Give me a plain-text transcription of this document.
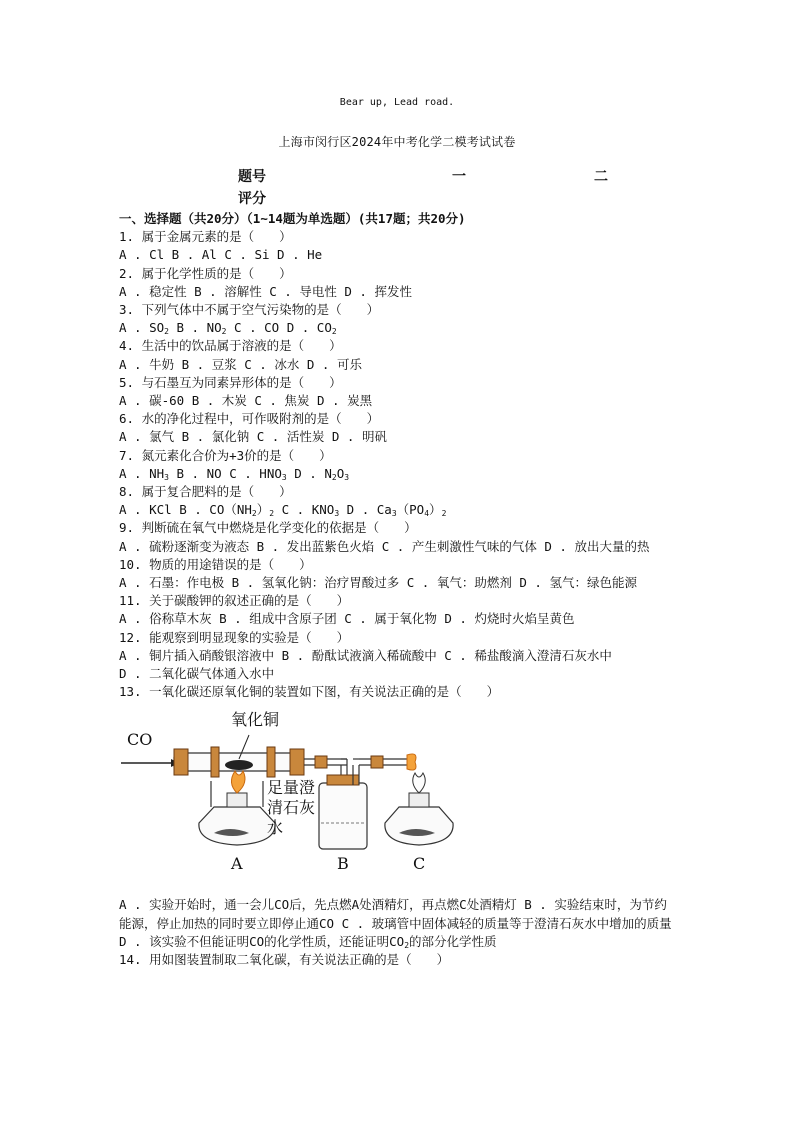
Bear up, Lead road.
上海市闵行区2024年中考化学二模考试试卷
题号	一	二
评分
一、选择题（共20分）（1~14题为单选题）(共17题；共20分)
1. 属于金属元素的是（　　）
A . Cl B . Al C . Si D . He
2. 属于化学性质的是（　　）
A . 稳定性 B . 溶解性 C . 导电性 D . 挥发性
3. 下列气体中不属于空气污染物的是（　　）
A . $SO_2$ B . $NO_2$ C . CO D . $CO_2$
4. 生活中的饮品属于溶液的是（　　）
A . 牛奶 B . 豆浆 C . 冰水 D . 可乐
5. 与石墨互为同素异形体的是（　　）
A . 碳-60 B . 木炭 C . 焦炭 D . 炭黑
6. 水的净化过程中，可作吸附剂的是（　　）
A . 氯气 B . 氯化钠 C . 活性炭 D . 明矾
7. 氮元素化合价为+3价的是（　　）
A . $NH_3$ B . NO C . $HNO_3$ D . $N_2O_3$
8. 属于复合肥料的是（　　）
A . KCl B . $CO(NH_2)_2$ C . $KNO_3$ D . $Ca_3(PO_4)_2$
9. 判断硫在氧气中燃烧是化学变化的依据是（　　）
A . 硫粉逐渐变为液态 B . 发出蓝紫色火焰 C . 产生刺激性气味的气体 D . 放出大量的热
10. 物质的用途错误的是（　　）
A . 石墨：作电极 B . 氢氧化钠：治疗胃酸过多 C . 氧气：助燃剂 D . 氢气：绿色能源
11. 关于碳酸钾的叙述正确的是（　　）
A . 俗称草木灰 B . 组成中含原子团 C . 属于氧化物 D . 灼烧时火焰呈黄色
12. 能观察到明显现象的实验是（　　）
A . 铜片插入硝酸银溶液中 B . 酚酞试液滴入稀硫酸中 C . 稀盐酸滴入澄清石灰水中
D . 二氧化碳气体通入水中
13. 一氧化碳还原氧化铜的装置如下图，有关说法正确的是（　　）
CO
氧化铜
足量澄
清石灰
水
A	B	C
A . 实验开始时，通一会儿CO后，先点燃A处酒精灯，再点燃C处酒精灯 B . 实验结束时，为节约能源，停止加热的同时要立即停止通CO C . 玻璃管中固体减轻的质量等于澄清石灰水中增加的质量 D . 该实验不但能证明CO的化学性质，还能证明$CO_2$的部分化学性质
14. 用如图装置制取二氧化碳，有关说法正确的是（　　）
